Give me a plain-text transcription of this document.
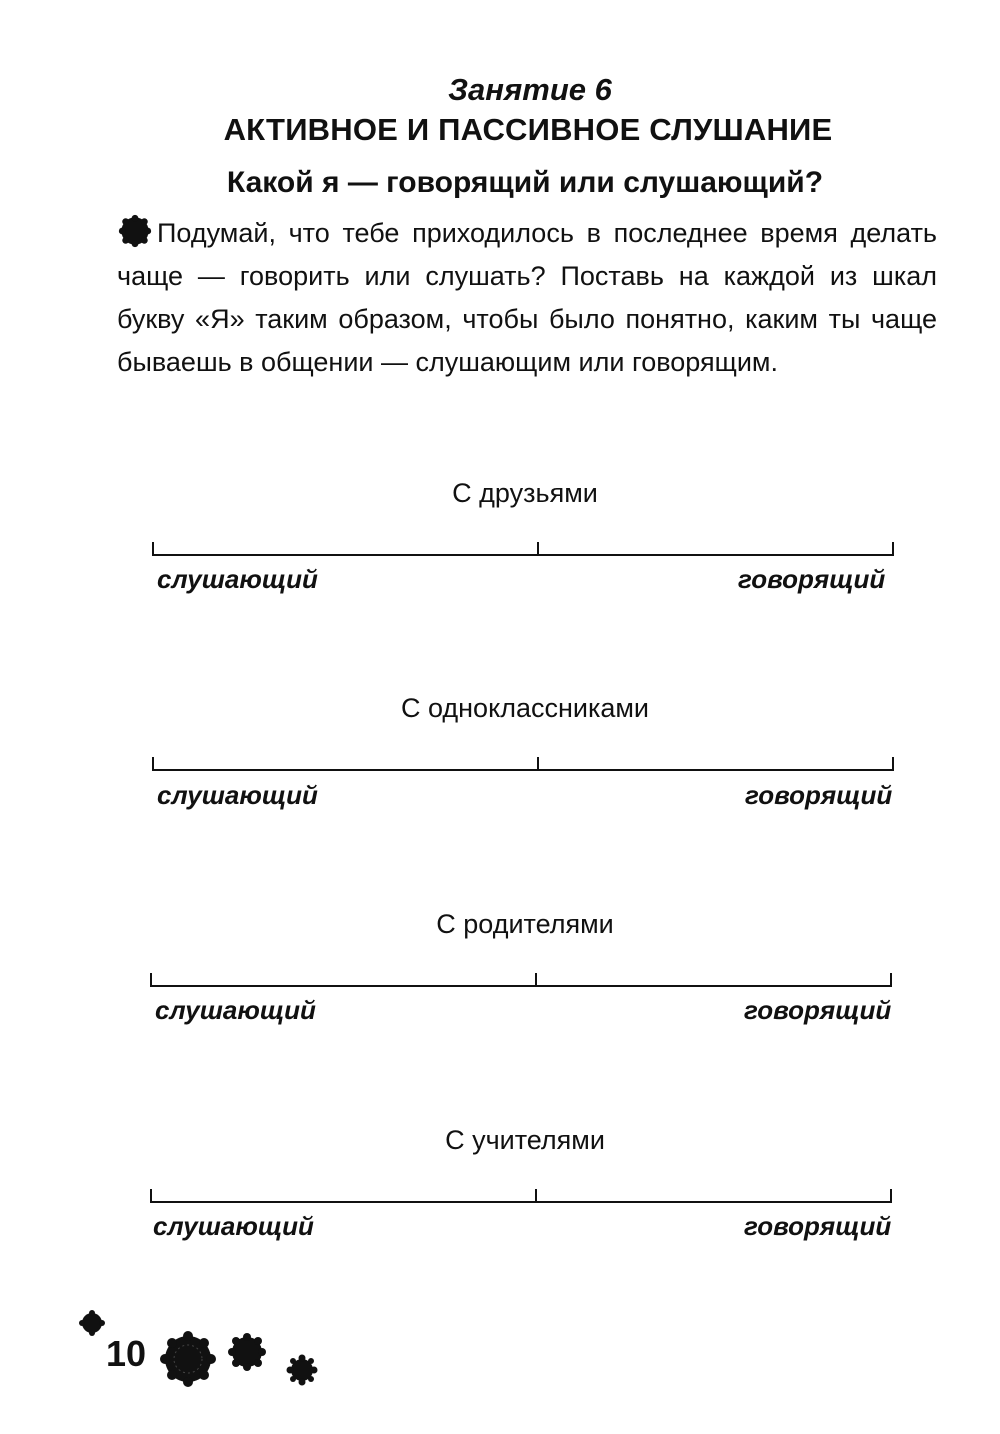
Занятие 6
АКТИВНОЕ И ПАССИВНОЕ СЛУШАНИЕ
Какой я — говорящий или слушающий?
Подумай, что тебе приходилось в последнее время делать чаще — говорить или слушать? Поставь на каждой из шкал букву «Я» таким образом, чтобы было понятно, каким ты чаще бываешь в общении — слушающим или говорящим.
С друзьями
слушающий	говорящий
С одноклассниками
слушающий	говорящий
С родителями
слушающий	говорящий
С учителями
слушающий	говорящий
10
